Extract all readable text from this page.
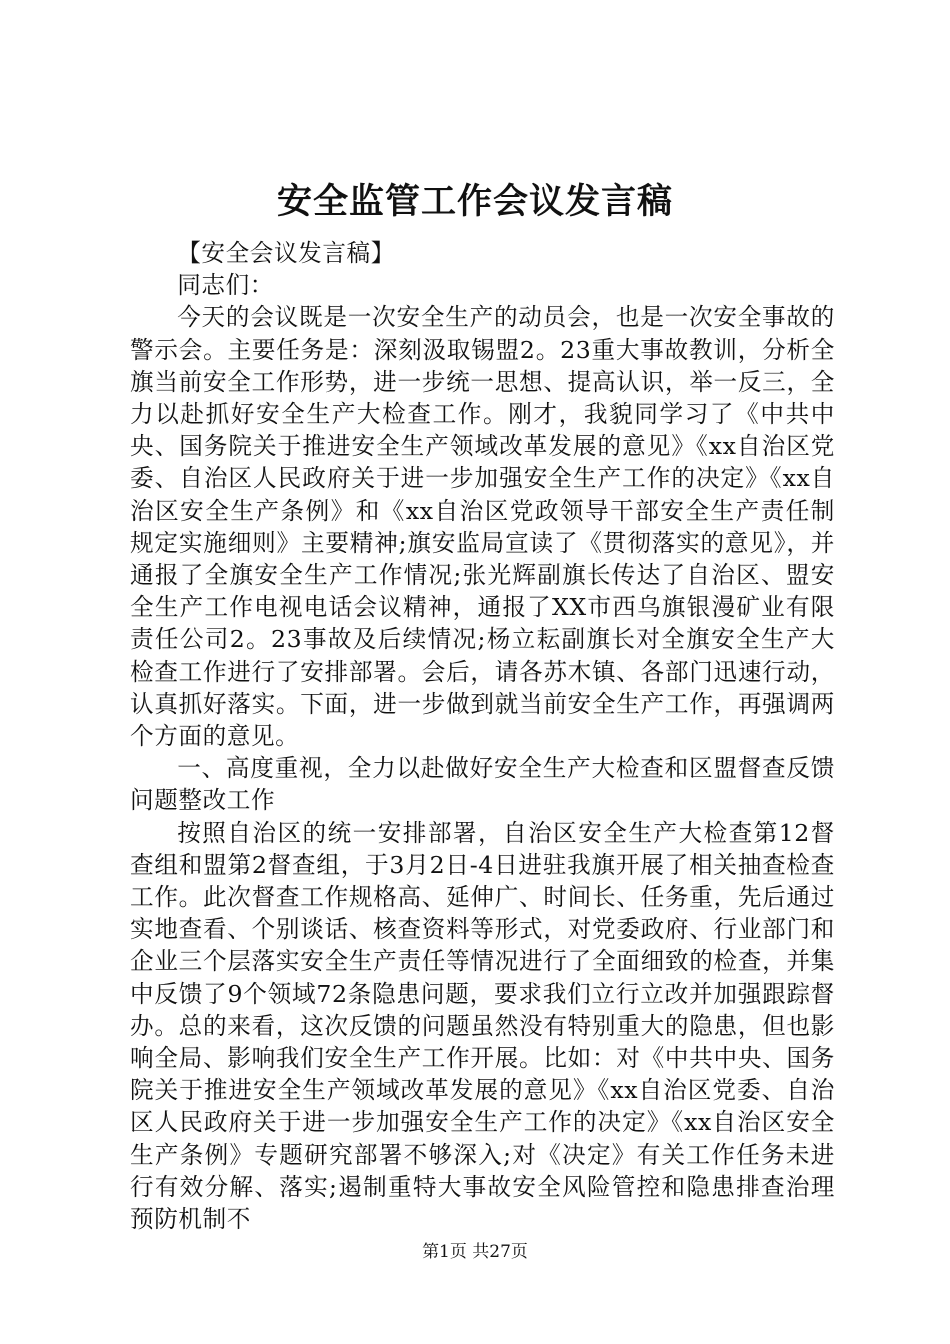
安全监管工作会议发言稿

【安全会议发言稿】

同志们：

今天的会议既是一次安全生产的动员会，也是一次安全事故的警示会。主要任务是：深刻汲取锡盟2。23重大事故教训，分析全旗当前安全工作形势，进一步统一思想、提高认识，举一反三，全力以赴抓好安全生产大检查工作。刚才，我貌同学习了《中共中央、国务院关于推进安全生产领域改革发展的意见》《xx自治区党委、自治区人民政府关于进一步加强安全生产工作的决定》《xx自治区安全生产条例》和《xx自治区党政领导干部安全生产责任制规定实施细则》主要精神;旗安监局宣读了《贯彻落实的意见》，并通报了全旗安全生产工作情况;张光辉副旗长传达了自治区、盟安全生产工作电视电话会议精神，通报了XX市西乌旗银漫矿业有限责任公司2。23事故及后续情况;杨立耘副旗长对全旗安全生产大检查工作进行了安排部署。会后，请各苏木镇、各部门迅速行动，认真抓好落实。下面，进一步做到就当前安全生产工作，再强调两个方面的意见。

一、高度重视，全力以赴做好安全生产大检查和区盟督查反馈问题整改工作

按照自治区的统一安排部署，自治区安全生产大检查第12督查组和盟第2督查组，于3月2日-4日进驻我旗开展了相关抽查检查工作。此次督查工作规格高、延伸广、时间长、任务重，先后通过实地查看、个别谈话、核查资料等形式，对党委政府、行业部门和企业三个层落实安全生产责任等情况进行了全面细致的检查，并集中反馈了9个领域72条隐患问题，要求我们立行立改并加强跟踪督办。总的来看，这次反馈的问题虽然没有特别重大的隐患，但也影响全局、影响我们安全生产工作开展。比如：对《中共中央、国务院关于推进安全生产领域改革发展的意见》《xx自治区党委、自治区人民政府关于进一步加强安全生产工作的决定》《xx自治区安全生产条例》专题研究部署不够深入;对《决定》有关工作任务未进行有效分解、落实;遏制重特大事故安全风险管控和隐患排查治理预防机制不

第1页 共27页
